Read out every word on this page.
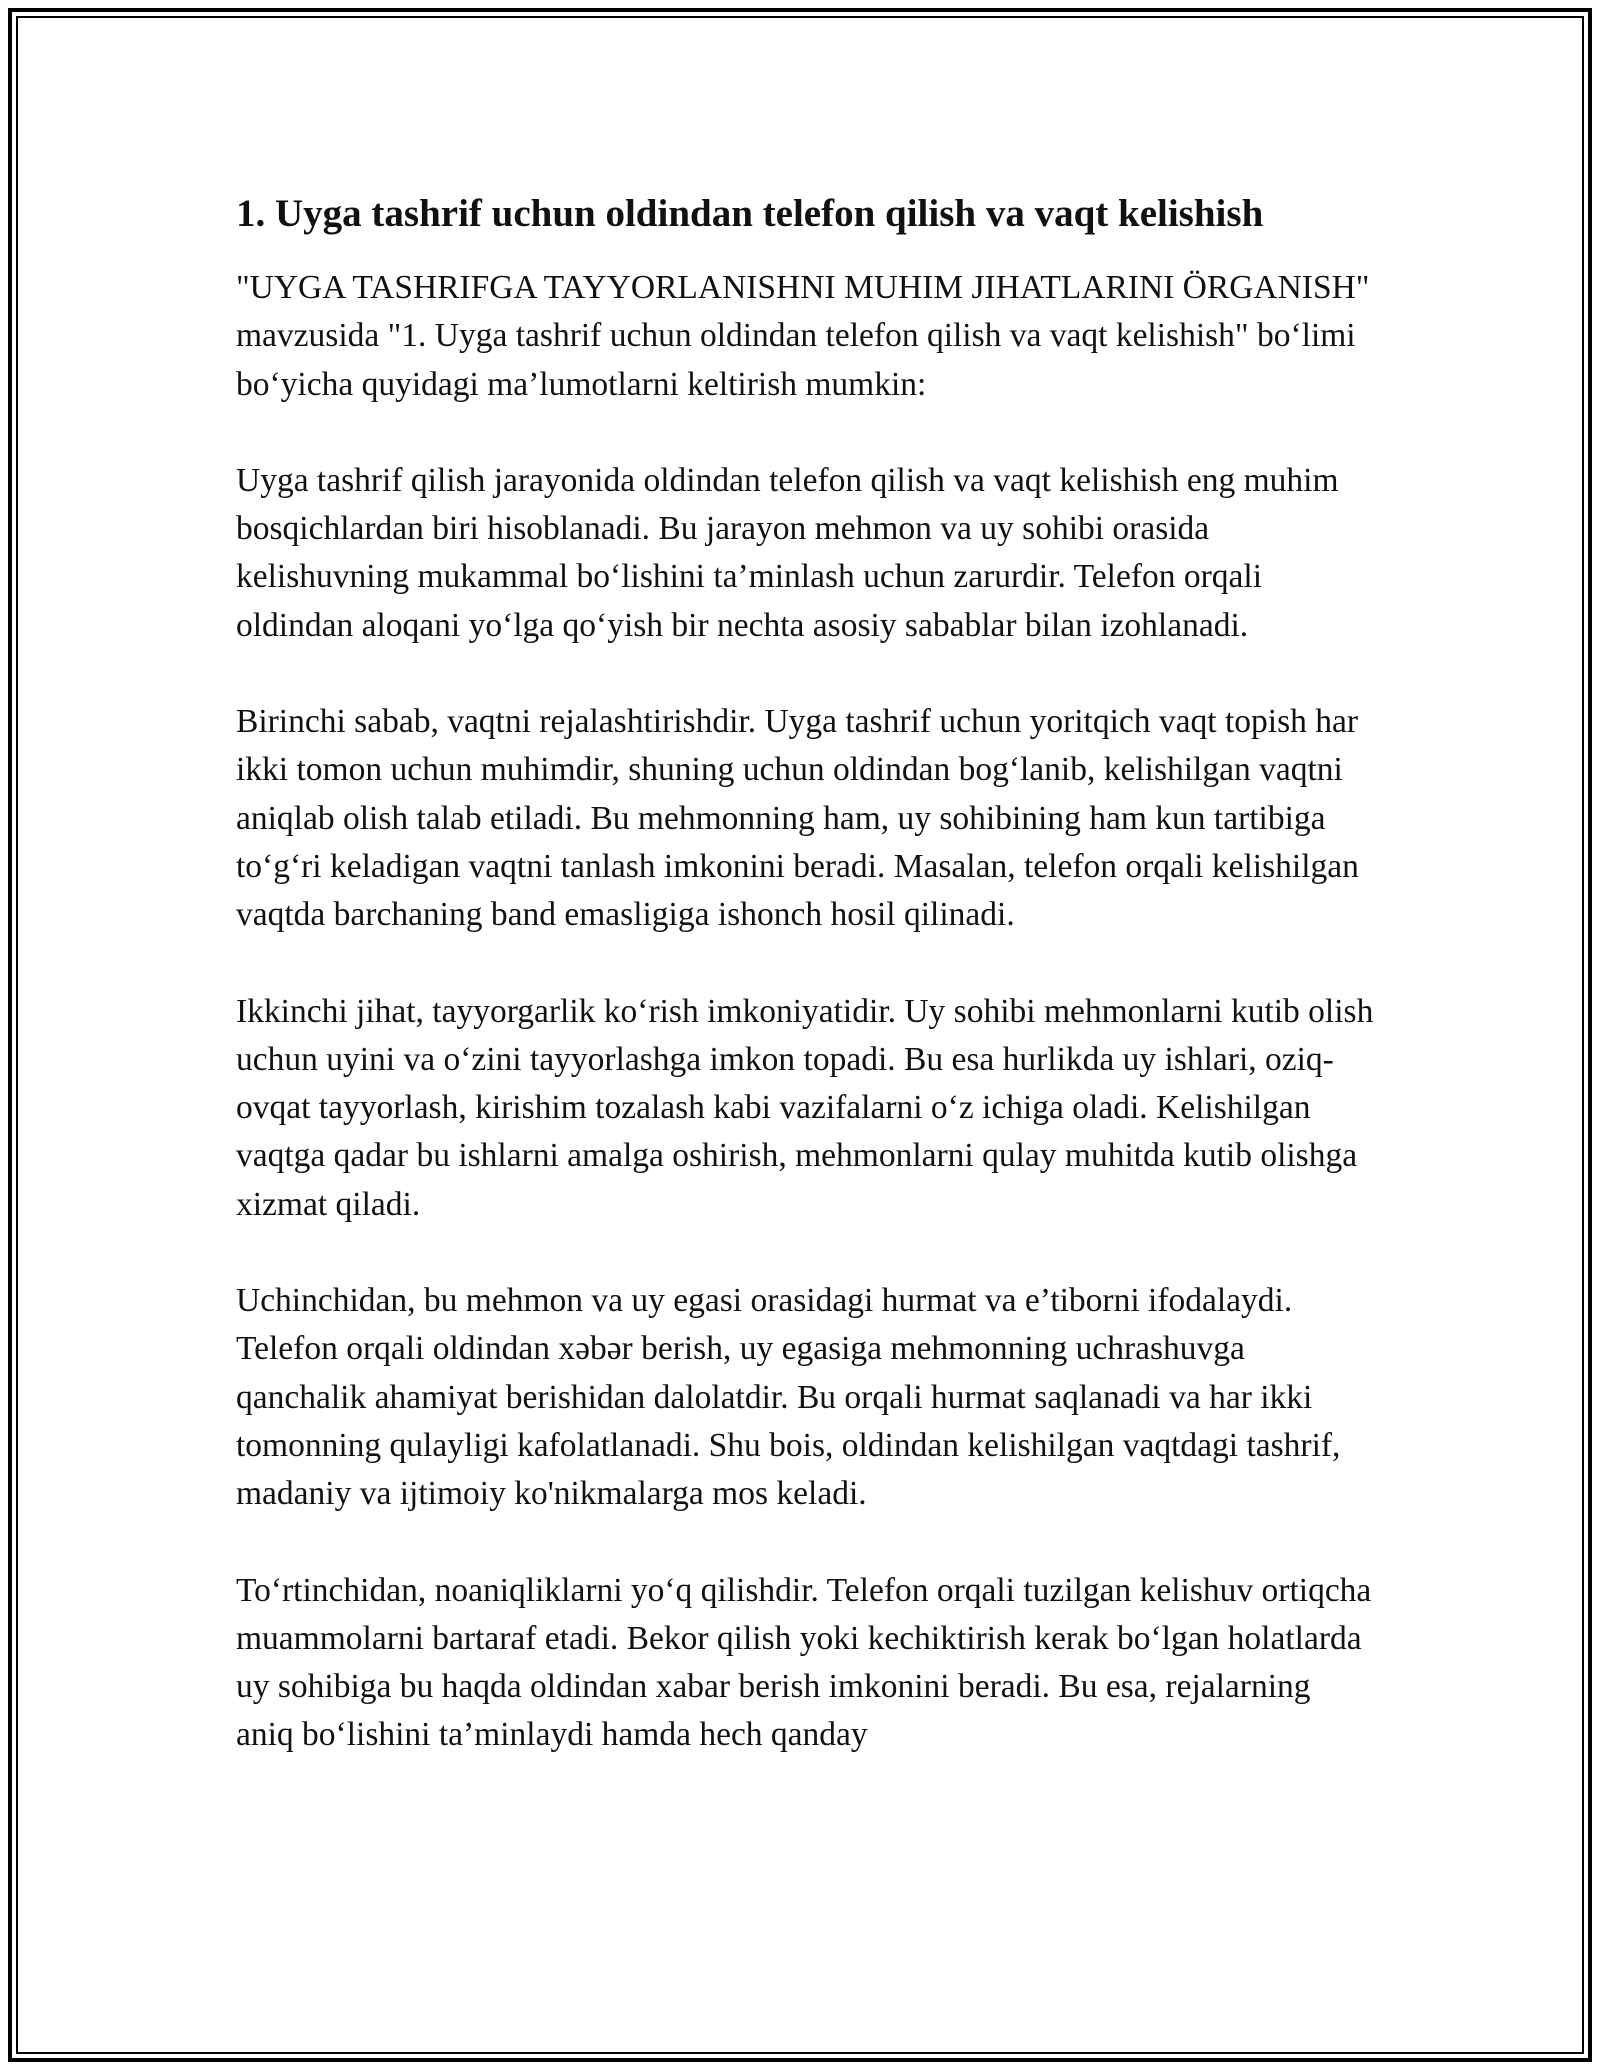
1. Uyga tashrif uchun oldindan telefon qilish va vaqt kelishish

"UYGA TASHRIFGA TAYYORLANISHNI MUHIM JIHATLARINI ÖRGANISH" mavzusida "1. Uyga tashrif uchun oldindan telefon qilish va vaqt kelishish" bo‘limi bo‘yicha quyidagi ma’lumotlarni keltirish mumkin:

Uyga tashrif qilish jarayonida oldindan telefon qilish va vaqt kelishish eng muhim bosqichlardan biri hisoblanadi. Bu jarayon mehmon va uy sohibi orasida kelishuvning mukammal bo‘lishini ta’minlash uchun zarurdir. Telefon orqali oldindan aloqani yo‘lga qo‘yish bir nechta asosiy sabablar bilan izohlanadi.

Birinchi sabab, vaqtni rejalashtirishdir. Uyga tashrif uchun yoritqich vaqt topish har ikki tomon uchun muhimdir, shuning uchun oldindan bog‘lanib, kelishilgan vaqtni aniqlab olish talab etiladi. Bu mehmonning ham, uy sohibining ham kun tartibiga to‘g‘ri keladigan vaqtni tanlash imkonini beradi. Masalan, telefon orqali kelishilgan vaqtda barchaning band emasligiga ishonch hosil qilinadi.

Ikkinchi jihat, tayyorgarlik ko‘rish imkoniyatidir. Uy sohibi mehmonlarni kutib olish uchun uyini va o‘zini tayyorlashga imkon topadi. Bu esa hurlikda uy ishlari, oziq-ovqat tayyorlash, kirishim tozalash kabi vazifalarni o‘z ichiga oladi. Kelishilgan vaqtga qadar bu ishlarni amalga oshirish, mehmonlarni qulay muhitda kutib olishga xizmat qiladi.

Uchinchidan, bu mehmon va uy egasi orasidagi hurmat va e’tiborni ifodalaydi. Telefon orqali oldindan xəbər berish, uy egasiga mehmonning uchrashuvga qanchalik ahamiyat berishidan dalolatdir. Bu orqali hurmat saqlanadi va har ikki tomonning qulayligi kafolatlanadi. Shu bois, oldindan kelishilgan vaqtdagi tashrif, madaniy va ijtimoiy ko'nikmalarga mos keladi.

To‘rtinchidan, noaniqliklarni yo‘q qilishdir. Telefon orqali tuzilgan kelishuv ortiqcha muammolarni bartaraf etadi. Bekor qilish yoki kechiktirish kerak bo‘lgan holatlarda uy sohibiga bu haqda oldindan xabar berish imkonini beradi. Bu esa, rejalarning aniq bo‘lishini ta’minlaydi hamda hech qanday
